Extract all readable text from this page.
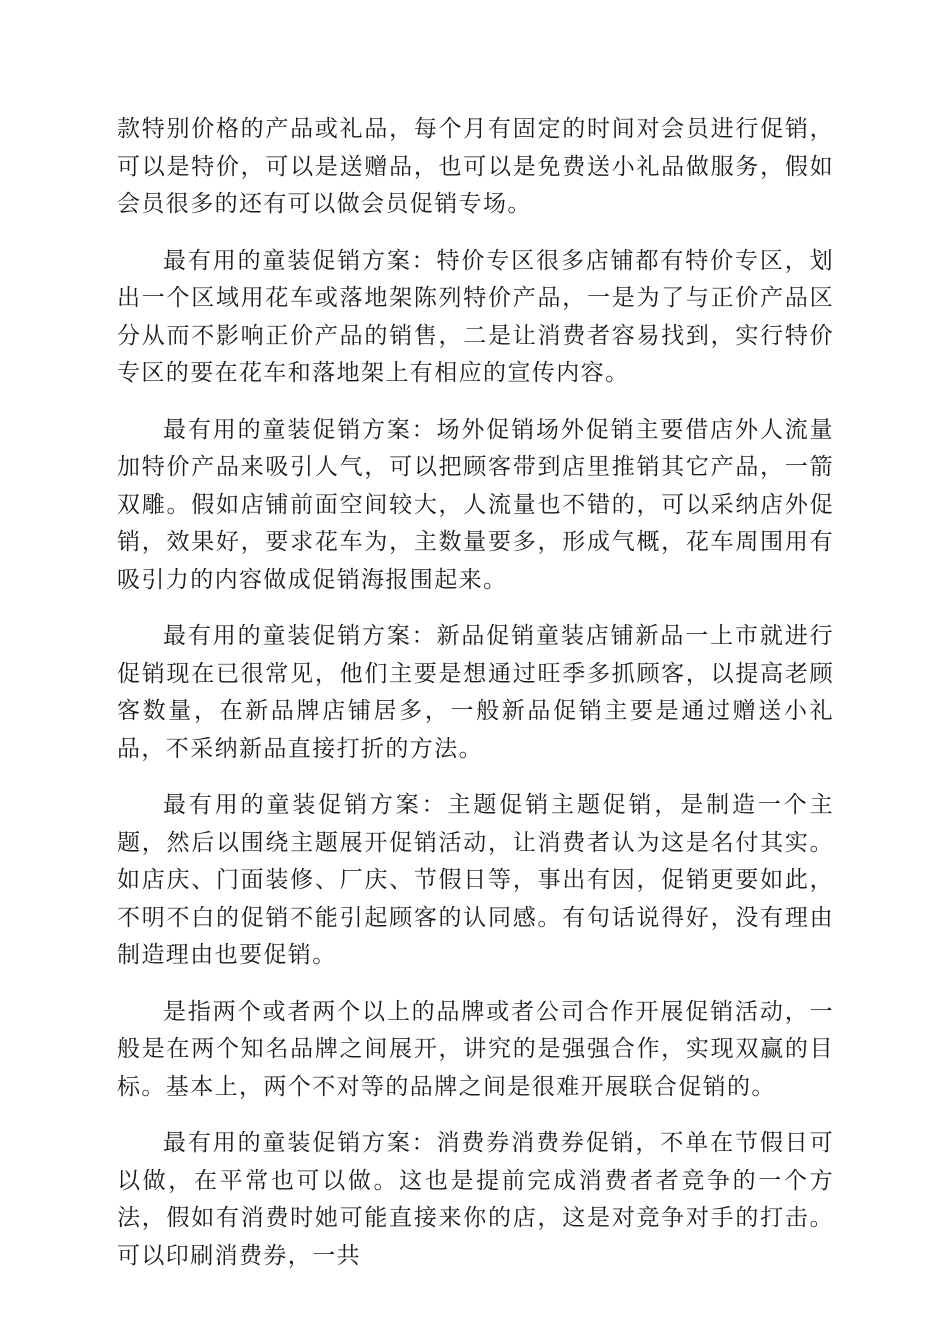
款特别价格的产品或礼品，每个月有固定的时间对会员进行促销，可以是特价，可以是送赠品，也可以是免费送小礼品做服务，假如会员很多的还有可以做会员促销专场。

最有用的童装促销方案：特价专区很多店铺都有特价专区，划出一个区域用花车或落地架陈列特价产品，一是为了与正价产品区分从而不影响正价产品的销售，二是让消费者容易找到，实行特价专区的要在花车和落地架上有相应的宣传内容。

最有用的童装促销方案：场外促销场外促销主要借店外人流量加特价产品来吸引人气，可以把顾客带到店里推销其它产品，一箭双雕。假如店铺前面空间较大，人流量也不错的，可以采纳店外促销，效果好，要求花车为，主数量要多，形成气概，花车周围用有吸引力的内容做成促销海报围起来。

最有用的童装促销方案：新品促销童装店铺新品一上市就进行促销现在已很常见，他们主要是想通过旺季多抓顾客，以提高老顾客数量，在新品牌店铺居多，一般新品促销主要是通过赠送小礼品，不采纳新品直接打折的方法。

最有用的童装促销方案：主题促销主题促销，是制造一个主题，然后以围绕主题展开促销活动，让消费者认为这是名付其实。如店庆、门面装修、厂庆、节假日等，事出有因，促销更要如此，不明不白的促销不能引起顾客的认同感。有句话说得好，没有理由制造理由也要促销。

是指两个或者两个以上的品牌或者公司合作开展促销活动，一般是在两个知名品牌之间展开，讲究的是强强合作，实现双赢的目标。基本上，两个不对等的品牌之间是很难开展联合促销的。

最有用的童装促销方案：消费券消费券促销，不单在节假日可以做，在平常也可以做。这也是提前完成消费者者竞争的一个方法，假如有消费时她可能直接来你的店，这是对竞争对手的打击。可以印刷消费券，一共
